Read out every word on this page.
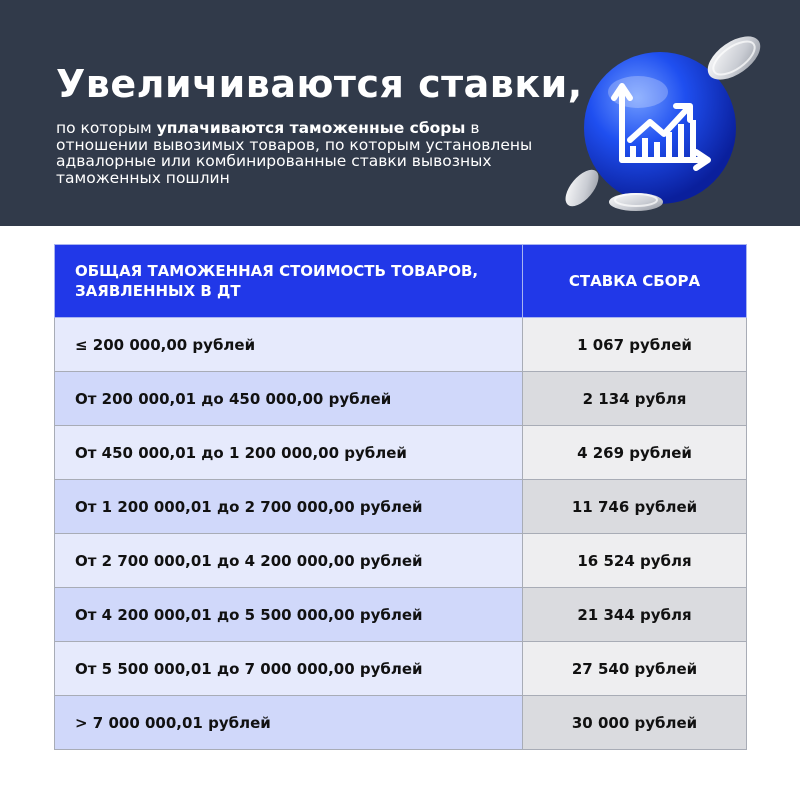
Увеличиваются ставки,

по которым уплачиваются таможенные сборы в отношении вывозимых товаров, по которым установлены адвалорные или комбинированные ставки вывозных таможенных пошлин

ОБЩАЯ ТАМОЖЕННАЯ СТОИМОСТЬ ТОВАРОВ, ЗАЯВЛЕННЫХ В ДТ	СТАВКА СБОРА
≤ 200 000,00 рублей	1 067 рублей
От 200 000,01 до 450 000,00 рублей	2 134 рубля
От 450 000,01 до 1 200 000,00 рублей	4 269 рублей
От 1 200 000,01 до 2 700 000,00 рублей	11 746 рублей
От 2 700 000,01 до 4 200 000,00 рублей	16 524 рубля
От 4 200 000,01 до 5 500 000,00 рублей	21 344 рубля
От 5 500 000,01 до 7 000 000,00 рублей	27 540 рублей
> 7 000 000,01 рублей	30 000 рублей
